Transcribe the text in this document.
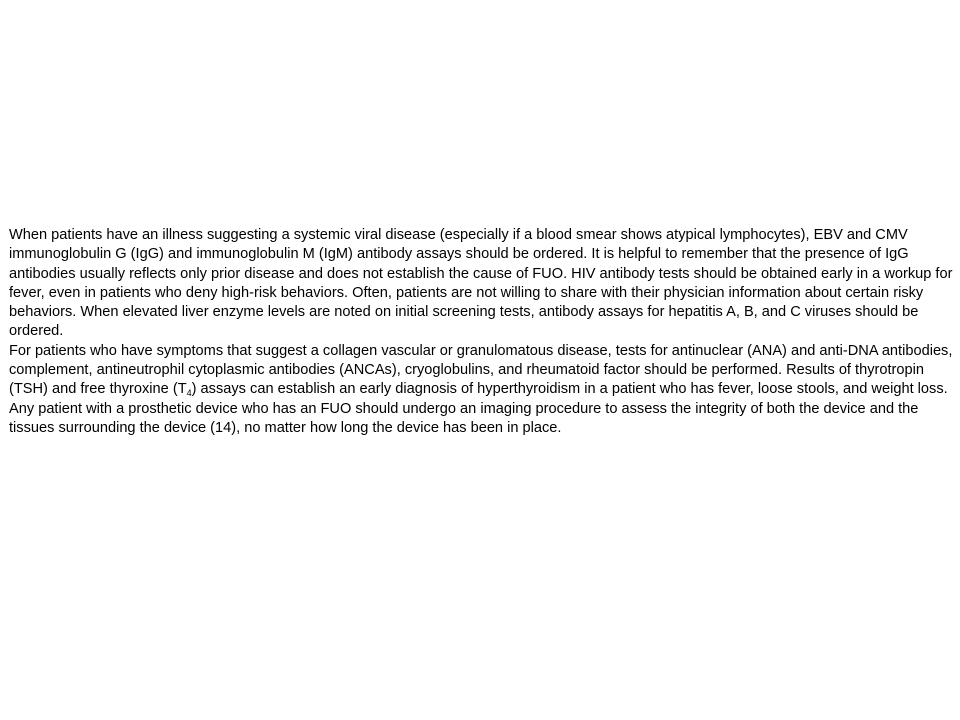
When patients have an illness suggesting a systemic viral disease (especially if a blood smear shows atypical lymphocytes), EBV and CMV immunoglobulin G (IgG) and immunoglobulin M (IgM) antibody assays should be ordered. It is helpful to remember that the presence of IgG antibodies usually reflects only prior disease and does not establish the cause of FUO. HIV antibody tests should be obtained early in a workup for fever, even in patients who deny high-risk behaviors. Often, patients are not willing to share with their physician information about certain risky behaviors. When elevated liver enzyme levels are noted on initial screening tests, antibody assays for hepatitis A, B, and C viruses should be ordered.

For patients who have symptoms that suggest a collagen vascular or granulomatous disease, tests for antinuclear (ANA) and anti-DNA antibodies, complement, antineutrophil cytoplasmic antibodies (ANCAs), cryoglobulins, and rheumatoid factor should be performed. Results of thyrotropin (TSH) and free thyroxine $(T_4)$ assays can establish an early diagnosis of hyperthyroidism in a patient who has fever, loose stools, and weight loss. Any patient with a prosthetic device who has an FUO should undergo an imaging procedure to assess the integrity of both the device and the tissues surrounding the device (14), no matter how long the device has been in place.
